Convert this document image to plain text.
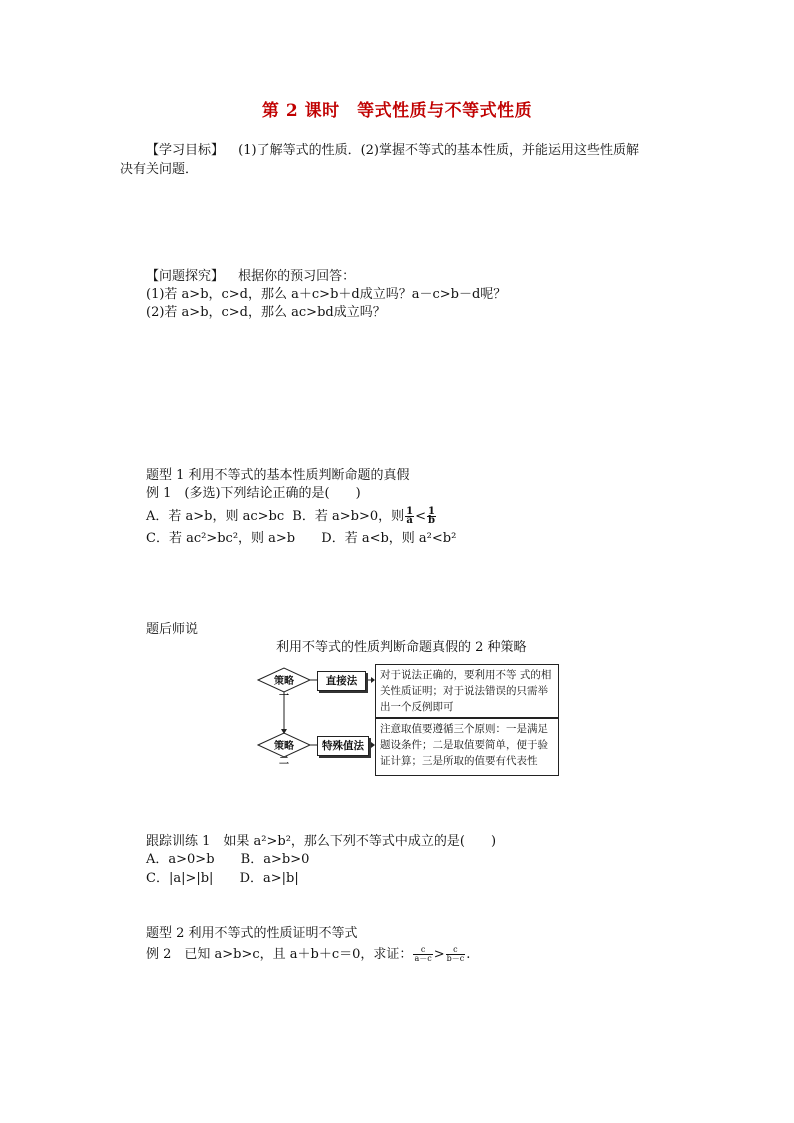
第 2 课时　等式性质与不等式性质
【学习目标】 (1)了解等式的性质．(2)掌握不等式的基本性质，并能运用这些性质解
决有关问题．
【问题探究】 根据你的预习回答：
(1)若 a>b，c>d，那么 a＋c>b＋d成立吗？a－c>b－d呢？
(2)若 a>b，c>d，那么 ac>bd成立吗？
题型 1 利用不等式的基本性质判断命题的真假
例 1　(多选)下列结论正确的是(　　)
A．若 a>b，则 ac>bc B．若 a>b>0，则 $\frac{1}{a} < \frac{1}{b}$
C．若 ac²>bc²，则 a>b D．若 a<b，则 a²<b²
题后师说
利用不等式的性质判断命题真假的 2 种策略
策略一
策略二
直接法
特殊值法
对于说法正确的，要利用不等 式的相关性质证明；对于说法错误的只需举出一个反例即可
注意取值要遵循三个原则：一是满足题设条件；二是取值要简单，便于验证计算；三是所取的值要有代表性
跟踪训练 1　如果 a²>b²，那么下列不等式中成立的是(　　)
A．a>0>b B．a>b>0
C．|a|>|b| D．a>|b|
题型 2 利用不等式的性质证明不等式
例 2　已知 a>b>c，且 a＋b＋c＝0，求证： $\frac{c}{a-c} > \frac{c}{b-c}$ .
